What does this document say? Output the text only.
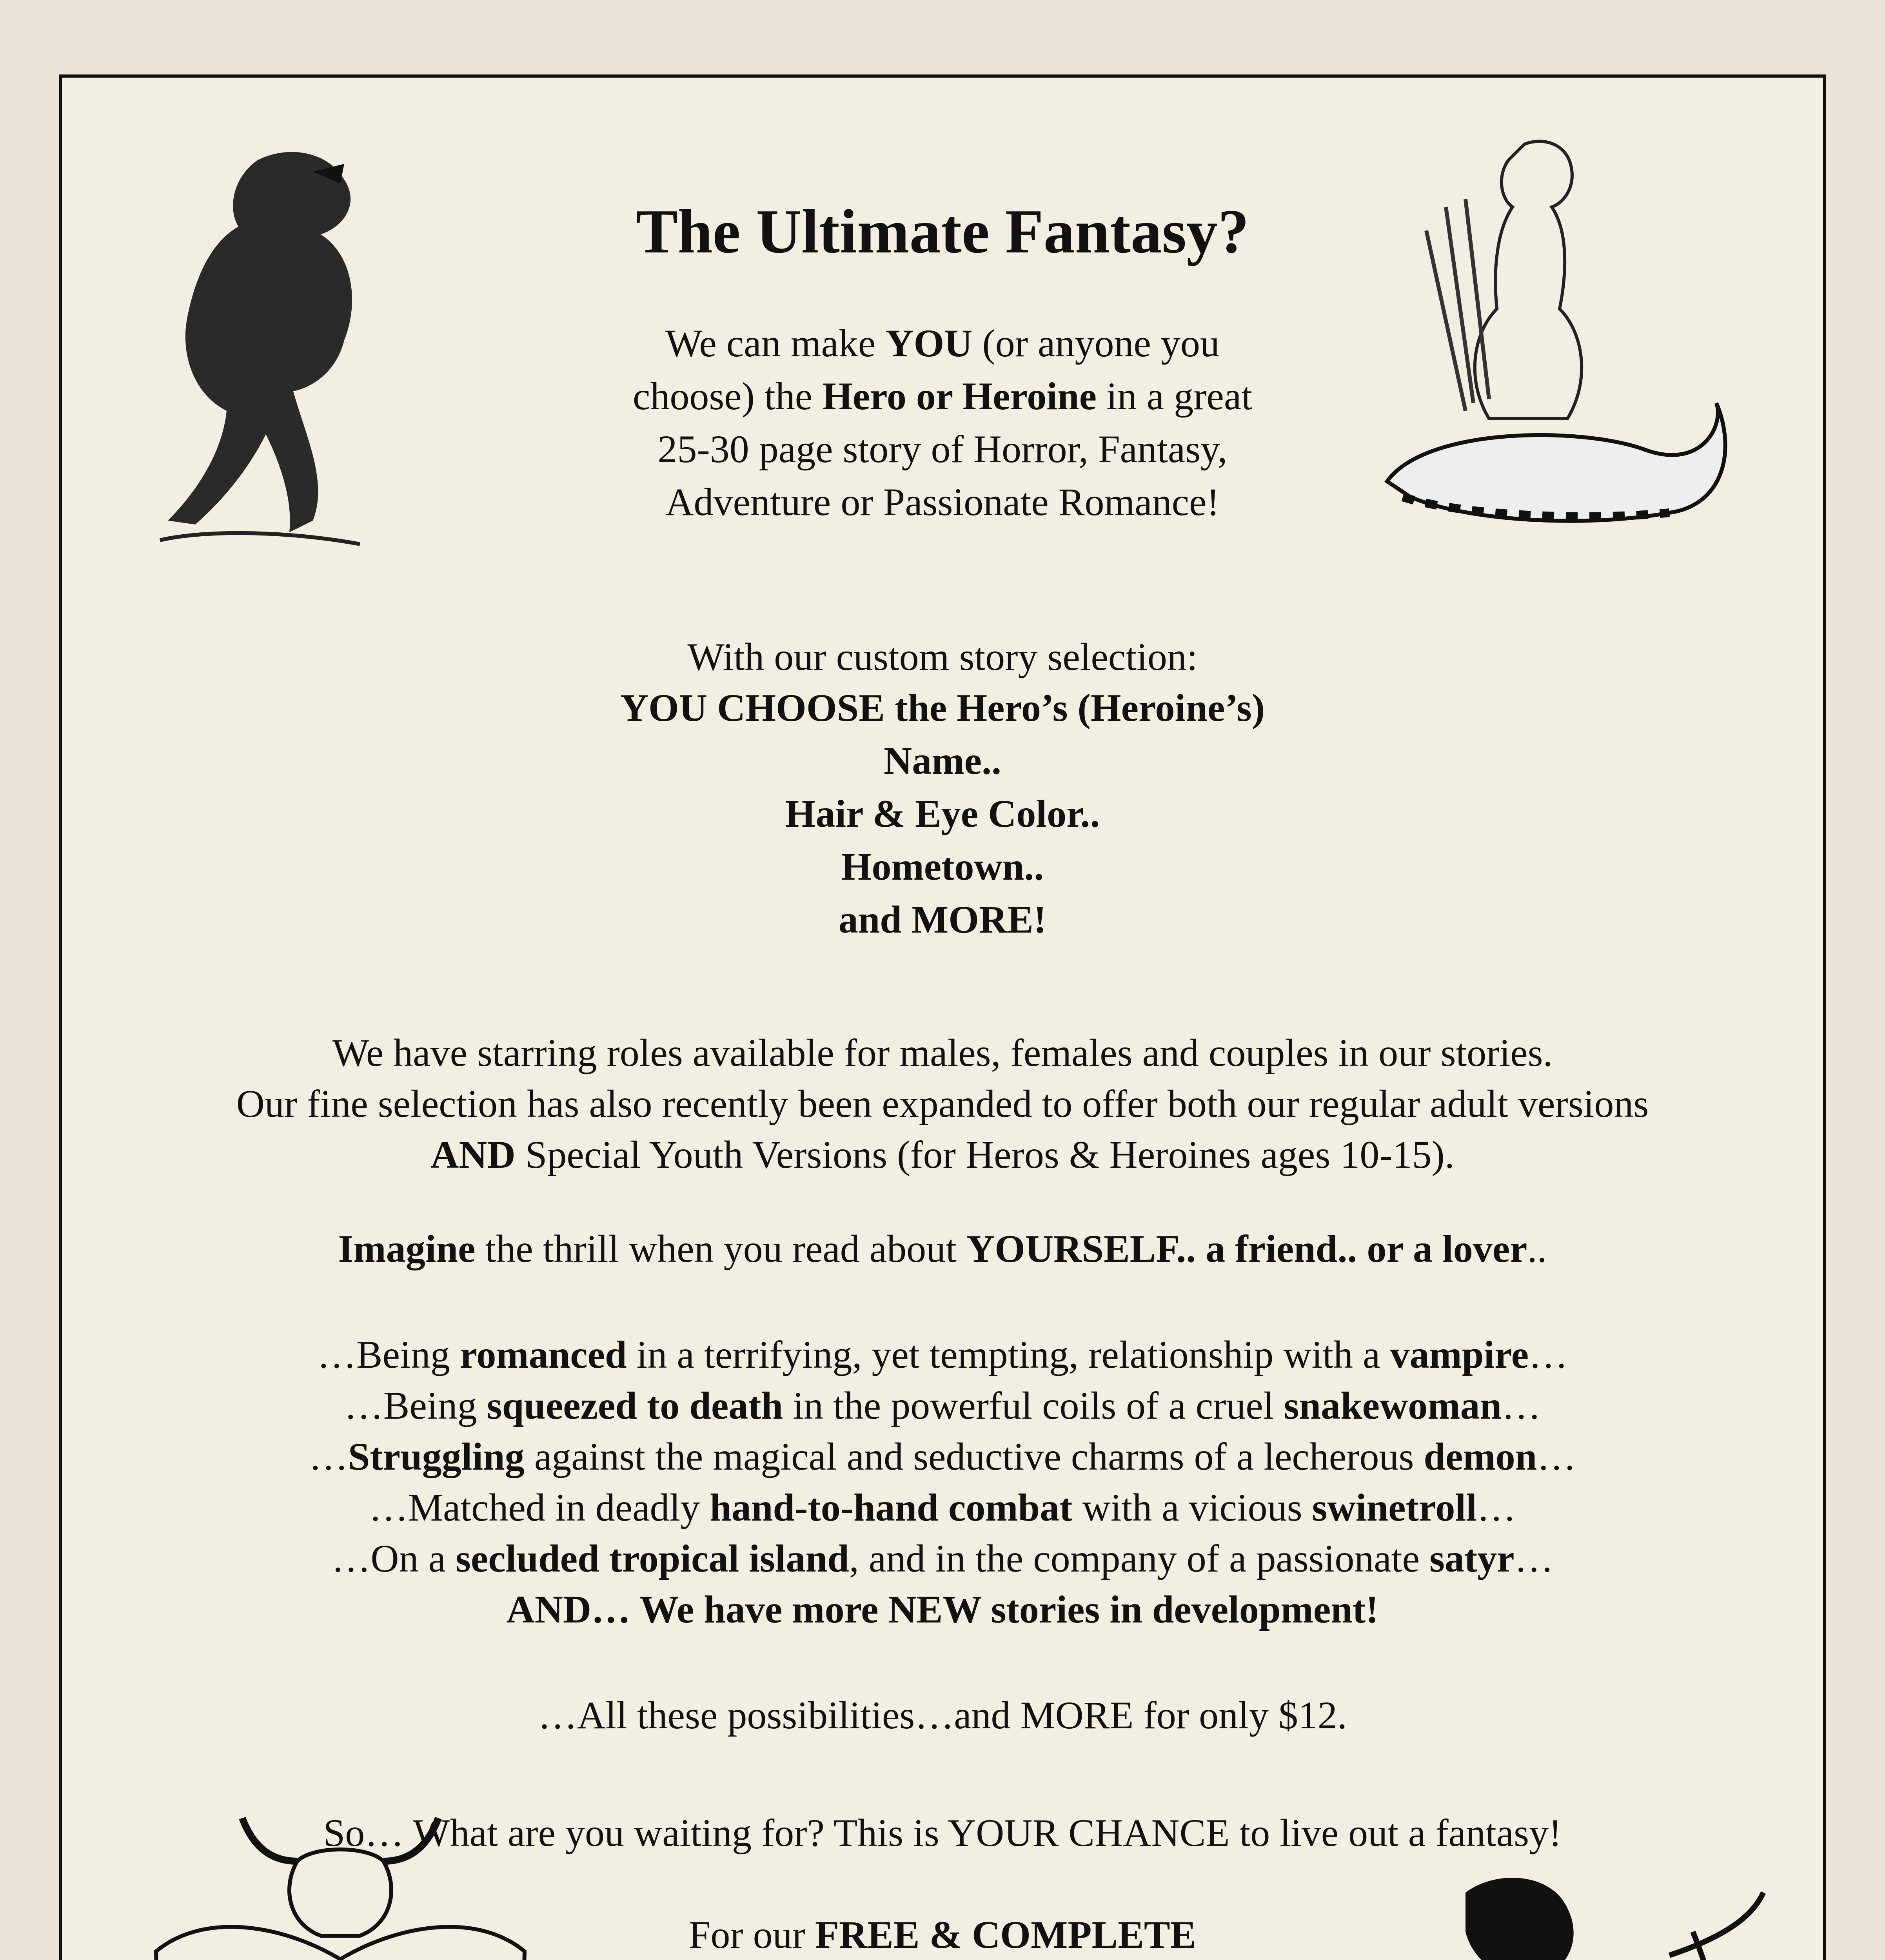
The Ultimate Fantasy?
We can make YOU (or anyone you
choose) the Hero or Heroine in a great
25-30 page story of Horror, Fantasy,
Adventure or Passionate Romance!
With our custom story selection:
YOU CHOOSE the Hero’s (Heroine’s)
Name..
Hair & Eye Color..
Hometown..
and MORE!
We have starring roles available for males, females and couples in our stories.
Our fine selection has also recently been expanded to offer both our regular adult versions
AND Special Youth Versions (for Heros & Heroines ages 10-15).
Imagine the thrill when you read about YOURSELF.. a friend.. or a lover..
…Being romanced in a terrifying, yet tempting, relationship with a vampire…
…Being squeezed to death in the powerful coils of a cruel snakewoman…
…Struggling against the magical and seductive charms of a lecherous demon…
…Matched in deadly hand-to-hand combat with a vicious swinetroll…
…On a secluded tropical island, and in the company of a passionate satyr…
AND… We have more NEW stories in development!
…All these possibilities…and MORE for only $12.
So… What are you waiting for? This is YOUR CHANCE to live out a fantasy!
For our FREE & COMPLETE
